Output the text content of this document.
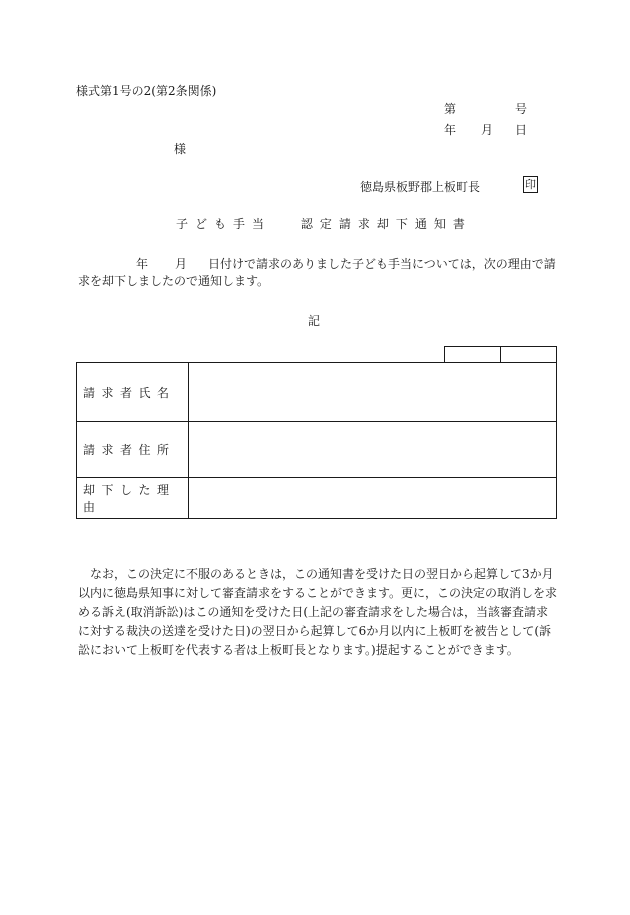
様式第1号の2(第2条関係)
第	号
年 月 日
様
徳島県板野郡上板町長	印
子ども手当　 認定請求却下通知書
年 月 日付けで請求のありました子ども手当については，次の理由で請
求を却下しましたので通知します。
記
請求者氏名	
請求者住所	
却下した理由	
　なお，この決定に不服のあるときは，この通知書を受けた日の翌日から起算して3か月
以内に徳島県知事に対して審査請求をすることができます。更に，この決定の取消しを求
める訴え(取消訴訟)はこの通知を受けた日(上記の審査請求をした場合は，当該審査請求
に対する裁決の送達を受けた日)の翌日から起算して6か月以内に上板町を被告として(訴
訟において上板町を代表する者は上板町長となります。)提起することができます。
